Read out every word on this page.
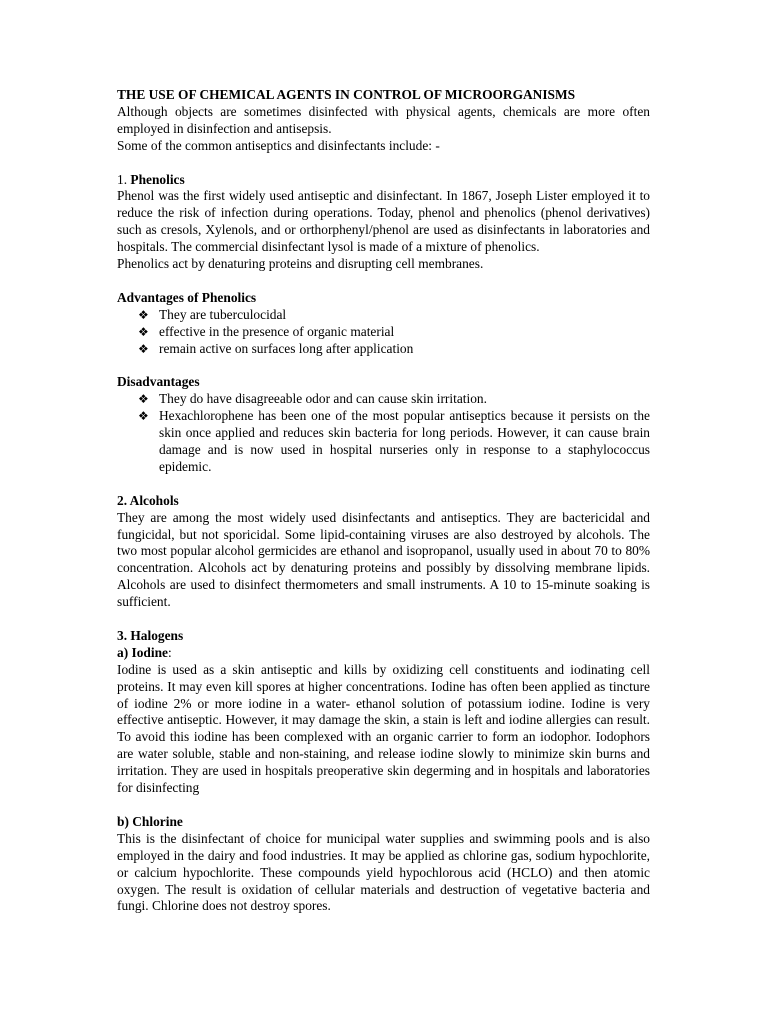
THE USE OF CHEMICAL AGENTS IN CONTROL OF MICROORGANISMS

Although objects are sometimes disinfected with physical agents, chemicals are more often employed in disinfection and antisepsis.

Some of the common antiseptics and disinfectants include: -

1. Phenolics

Phenol was the first widely used antiseptic and disinfectant. In 1867, Joseph Lister employed it to reduce the risk of infection during operations. Today, phenol and phenolics (phenol derivatives) such as cresols, Xylenols, and or orthorphenyl/phenol are used as disinfectants in laboratories and hospitals. The commercial disinfectant lysol is made of a mixture of phenolics.

Phenolics act by denaturing proteins and disrupting cell membranes.

Advantages of Phenolics

❖ They are tuberculocidal
❖ effective in the presence of organic material
❖ remain active on surfaces long after application

Disadvantages

❖ They do have disagreeable odor and can cause skin irritation.
❖ Hexachlorophene has been one of the most popular antiseptics because it persists on the skin once applied and reduces skin bacteria for long periods. However, it can cause brain damage and is now used in hospital nurseries only in response to a staphylococcus epidemic.

2. Alcohols

They are among the most widely used disinfectants and antiseptics. They are bactericidal and fungicidal, but not sporicidal. Some lipid-containing viruses are also destroyed by alcohols. The two most popular alcohol germicides are ethanol and isopropanol, usually used in about 70 to 80% concentration. Alcohols act by denaturing proteins and possibly by dissolving membrane lipids. Alcohols are used to disinfect thermometers and small instruments. A 10 to 15-minute soaking is sufficient.

3. Halogens

a) Iodine:

Iodine is used as a skin antiseptic and kills by oxidizing cell constituents and iodinating cell proteins. It may even kill spores at higher concentrations. Iodine has often been applied as tincture of iodine 2% or more iodine in a water- ethanol solution of potassium iodine. Iodine is very effective antiseptic. However, it may damage the skin, a stain is left and iodine allergies can result. To avoid this iodine has been complexed with an organic carrier to form an iodophor. Iodophors are water soluble, stable and non-staining, and release iodine slowly to minimize skin burns and irritation. They are used in hospitals preoperative skin degerming and in hospitals and laboratories for disinfecting

b) Chlorine

This is the disinfectant of choice for municipal water supplies and swimming pools and is also employed in the dairy and food industries. It may be applied as chlorine gas, sodium hypochlorite, or calcium hypochlorite. These compounds yield hypochlorous acid (HCLO) and then atomic oxygen. The result is oxidation of cellular materials and destruction of vegetative bacteria and fungi. Chlorine does not destroy spores.
